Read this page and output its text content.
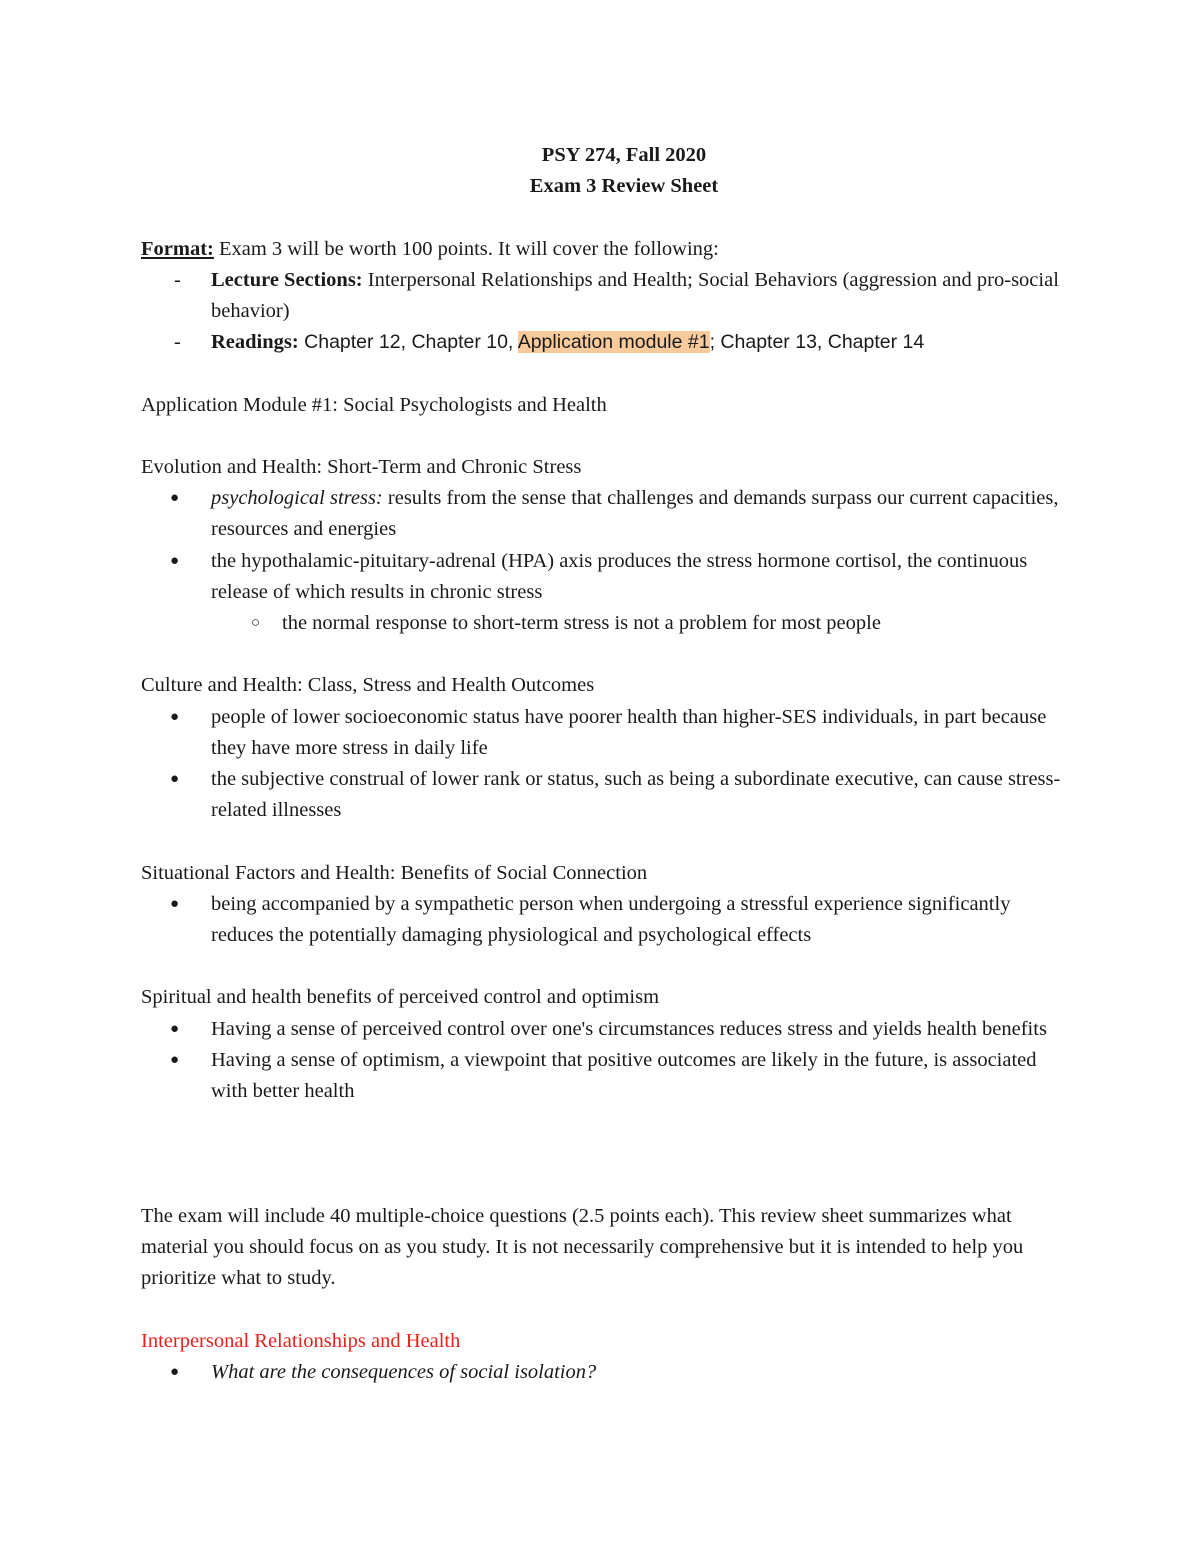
PSY 274, Fall 2020

Exam 3 Review Sheet

Format: Exam 3 will be worth 100 points. It will cover the following:

- Lecture Sections: Interpersonal Relationships and Health; Social Behaviors (aggression and pro-social behavior)
- Readings: Chapter 12, Chapter 10, Application module #1; Chapter 13, Chapter 14

Application Module #1: Social Psychologists and Health

Evolution and Health: Short-Term and Chronic Stress

● psychological stress: results from the sense that challenges and demands surpass our current capacities, resources and energies
● the hypothalamic-pituitary-adrenal (HPA) axis produces the stress hormone cortisol, the continuous release of which results in chronic stress
○ the normal response to short-term stress is not a problem for most people

Culture and Health: Class, Stress and Health Outcomes

● people of lower socioeconomic status have poorer health than higher-SES individuals, in part because they have more stress in daily life
● the subjective construal of lower rank or status, such as being a subordinate executive, can cause stress-related illnesses

Situational Factors and Health: Benefits of Social Connection

● being accompanied by a sympathetic person when undergoing a stressful experience significantly reduces the potentially damaging physiological and psychological effects

Spiritual and health benefits of perceived control and optimism

● Having a sense of perceived control over one's circumstances reduces stress and yields health benefits
● Having a sense of optimism, a viewpoint that positive outcomes are likely in the future, is associated with better health

The exam will include 40 multiple-choice questions (2.5 points each). This review sheet summarizes what material you should focus on as you study. It is not necessarily comprehensive but it is intended to help you prioritize what to study.

Interpersonal Relationships and Health

● What are the consequences of social isolation?
